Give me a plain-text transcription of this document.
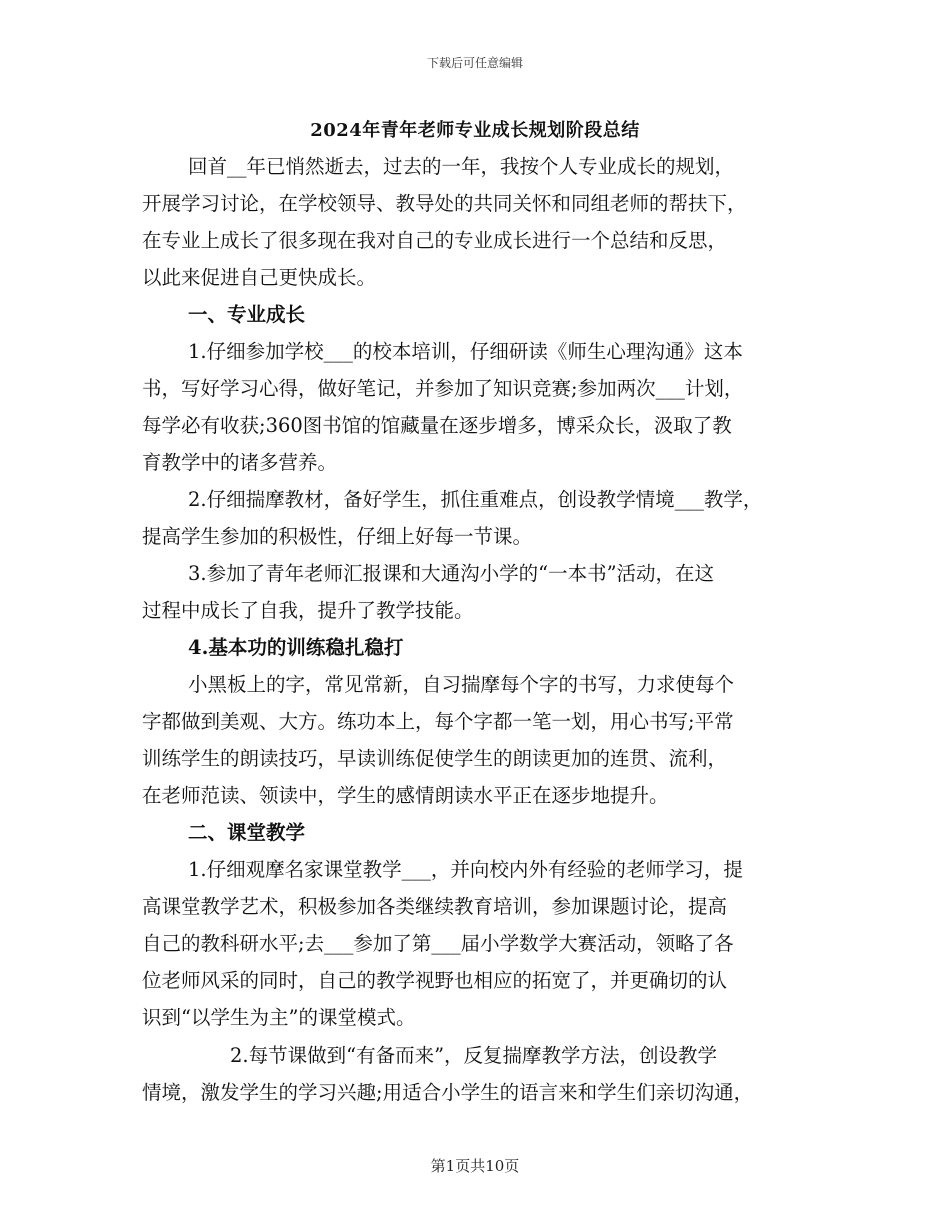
下载后可任意编辑
2024年青年老师专业成长规划阶段总结
回首__年已悄然逝去，过去的一年，我按个人专业成长的规划，
开展学习讨论，在学校领导、教导处的共同关怀和同组老师的帮扶下，
在专业上成长了很多现在我对自己的专业成长进行一个总结和反思，
以此来促进自己更快成长。
一、专业成长
1.仔细参加学校___的校本培训，仔细研读《师生心理沟通》这本
书，写好学习心得，做好笔记，并参加了知识竞赛;参加两次___计划，
每学必有收获;360图书馆的馆藏量在逐步增多，博采众长，汲取了教
育教学中的诸多营养。
2.仔细揣摩教材，备好学生，抓住重难点，创设教学情境___教学，
提高学生参加的积极性，仔细上好每一节课。
3.参加了青年老师汇报课和大通沟小学的“一本书”活动，在这
过程中成长了自我，提升了教学技能。
4.基本功的训练稳扎稳打
小黑板上的字，常见常新，自习揣摩每个字的书写，力求使每个
字都做到美观、大方。练功本上，每个字都一笔一划，用心书写;平常
训练学生的朗读技巧，早读训练促使学生的朗读更加的连贯、流利，
在老师范读、领读中，学生的感情朗读水平正在逐步地提升。
二、课堂教学
1.仔细观摩名家课堂教学___，并向校内外有经验的老师学习，提
高课堂教学艺术，积极参加各类继续教育培训，参加课题讨论，提高
自己的教科研水平;去___参加了第___届小学数学大赛活动，领略了各
位老师风采的同时，自己的教学视野也相应的拓宽了，并更确切的认
识到“以学生为主”的课堂模式。
2.每节课做到“有备而来”，反复揣摩教学方法，创设教学
情境，激发学生的学习兴趣;用适合小学生的语言来和学生们亲切沟通，
第1页共10页
